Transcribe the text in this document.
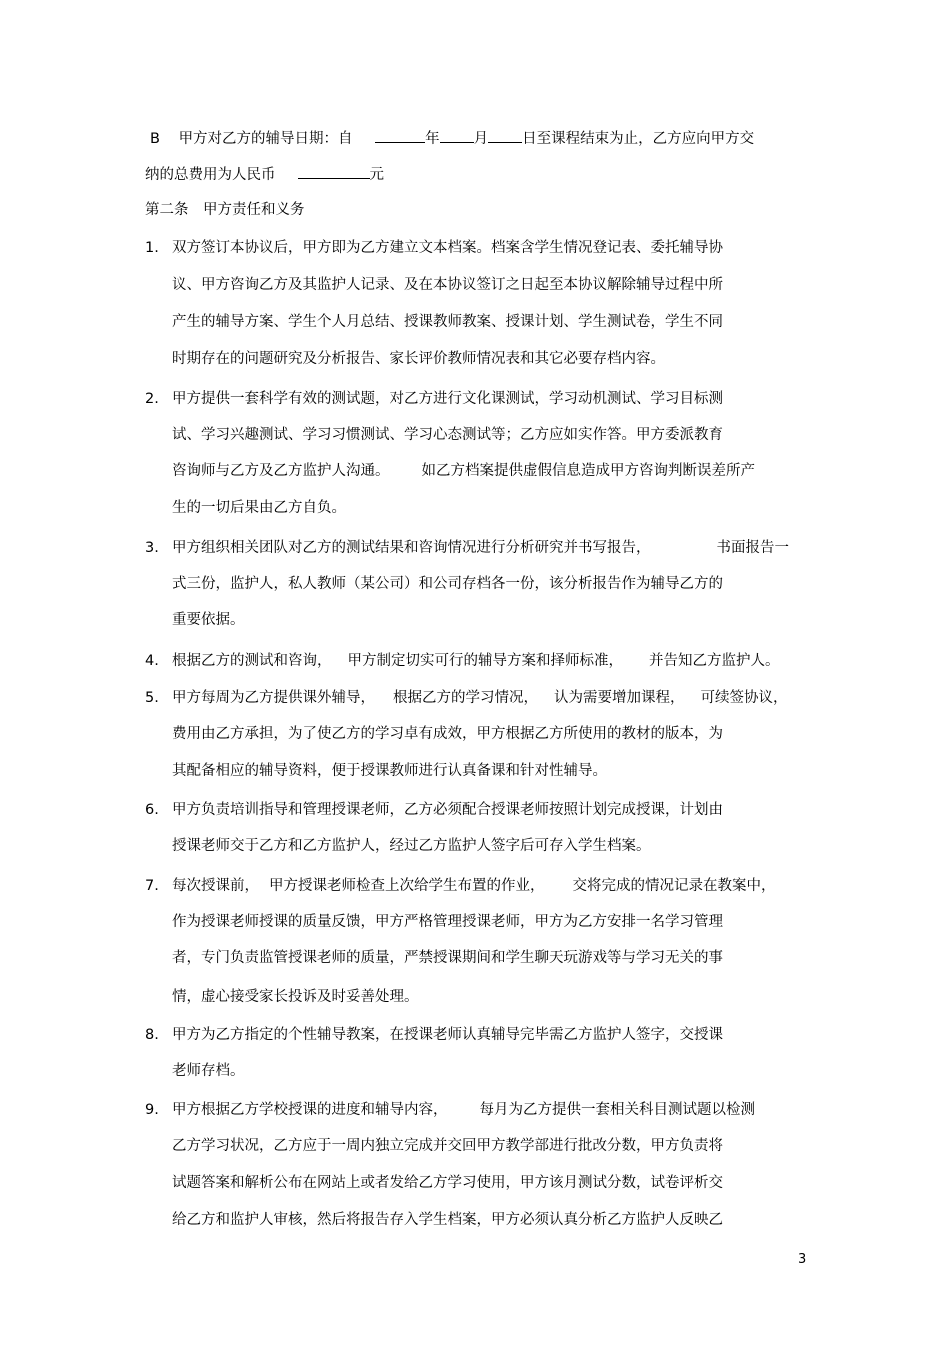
B 甲方对乙方的辅导日期：自	年 月 日至课程结束为止，乙方应向甲方交
纳的总费用为人民币	元
第二条　甲方责任和义务
1. 双方签订本协议后，甲方即为乙方建立文本档案。档案含学生情况登记表、委托辅导协
议、甲方咨询乙方及其监护人记录、及在本协议签订之日起至本协议解除辅导过程中所
产生的辅导方案、学生个人月总结、授课教师教案、授课计划、学生测试卷，学生不同
时期存在的问题研究及分析报告、家长评价教师情况表和其它必要存档内容。
2. 甲方提供一套科学有效的测试题，对乙方进行文化课测试，学习动机测试、学习目标测
试、学习兴趣测试、学习习惯测试、学习心态测试等；乙方应如实作答。甲方委派教育
咨询师与乙方及乙方监护人沟通。 如乙方档案提供虚假信息造成甲方咨询判断误差所产
生的一切后果由乙方自负。
3. 甲方组织相关团队对乙方的测试结果和咨询情况进行分析研究并书写报告，	书面报告一
式三份，监护人，私人教师（某公司）和公司存档各一份，该分析报告作为辅导乙方的
重要依据。
4. 根据乙方的测试和咨询， 甲方制定切实可行的辅导方案和择师标准， 并告知乙方监护人。
5. 甲方每周为乙方提供课外辅导， 根据乙方的学习情况， 认为需要增加课程， 可续签协议，
费用由乙方承担，为了使乙方的学习卓有成效，甲方根据乙方所使用的教材的版本，为
其配备相应的辅导资料，便于授课教师进行认真备课和针对性辅导。
6. 甲方负责培训指导和管理授课老师，乙方必须配合授课老师按照计划完成授课，计划由
授课老师交于乙方和乙方监护人，经过乙方监护人签字后可存入学生档案。
7. 每次授课前， 甲方授课老师检查上次给学生布置的作业， 交将完成的情况记录在教案中，
作为授课老师授课的质量反馈，甲方严格管理授课老师，甲方为乙方安排一名学习管理
者，专门负责监管授课老师的质量，严禁授课期间和学生聊天玩游戏等与学习无关的事
情，虚心接受家长投诉及时妥善处理。
8. 甲方为乙方指定的个性辅导教案，在授课老师认真辅导完毕需乙方监护人签字，交授课
老师存档。
9. 甲方根据乙方学校授课的进度和辅导内容， 每月为乙方提供一套相关科目测试题以检测
乙方学习状况，乙方应于一周内独立完成并交回甲方教学部进行批改分数，甲方负责将
试题答案和解析公布在网站上或者发给乙方学习使用，甲方该月测试分数，试卷评析交
给乙方和监护人审核，然后将报告存入学生档案，甲方必须认真分析乙方监护人反映乙
3
